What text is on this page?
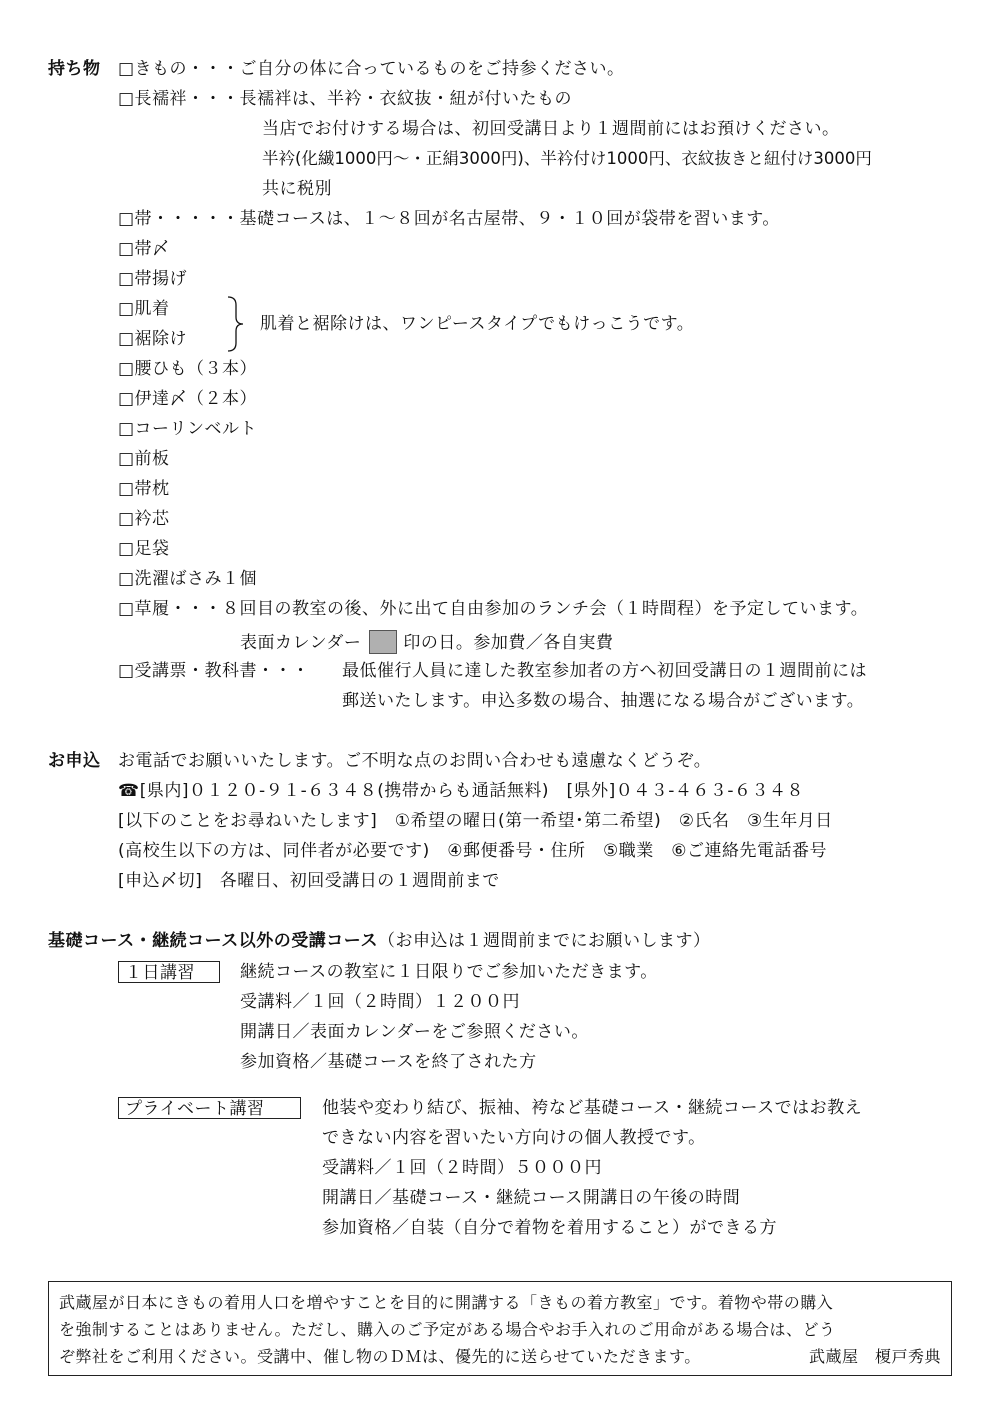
持ち物 □きもの・・・ご自分の体に合っているものをご持参ください。
□長襦袢・・・長襦袢は、半衿・衣紋抜・紐が付いたもの
当店でお付けする場合は、初回受講日より１週間前にはお預けください。
半衿(化繊1000円～・正絹3000円)、半衿付け1000円、衣紋抜きと紐付け3000円
共に税別
□帯・・・・・基礎コースは、１～８回が名古屋帯、９・１０回が袋帯を習います。
□帯〆
□帯揚げ
□肌着
□裾除け
肌着と裾除けは、ワンピースタイプでもけっこうです。
□腰ひも（３本）
□伊達〆（２本）
□コーリンベルト
□前板
□帯枕
□衿芯
□足袋
□洗濯ばさみ１個
□草履・・・８回目の教室の後、外に出て自由参加のランチ会（１時間程）を予定しています。
表面カレンダー 印の日。参加費／各自実費
□受講票・教科書・・・ 最低催行人員に達した教室参加者の方へ初回受講日の１週間前には
郵送いたします。申込多数の場合、抽選になる場合がございます。
お申込 お電話でお願いいたします。ご不明な点のお問い合わせも遠慮なくどうぞ。
☎[県内]０１２０-９１-６３４８(携帯からも通話無料)　[県外]０４３-４６３-６３４８
[以下のことをお尋ねいたします]　①希望の曜日(第一希望･第二希望)　②氏名　③生年月日
(高校生以下の方は、同伴者が必要です)　④郵便番号・住所　⑤職業　⑥ご連絡先電話番号
[申込〆切]　各曜日、初回受講日の１週間前まで
基礎コース・継続コース以外の受講コース（お申込は１週間前までにお願いします）
１日講習	継続コースの教室に１日限りでご参加いただきます。
受講料／１回（２時間）１２００円
開講日／表面カレンダーをご参照ください。
参加資格／基礎コースを終了された方
プライベート講習	他装や変わり結び、振袖、袴など基礎コース・継続コースではお教え
できない内容を習いたい方向けの個人教授です。
受講料／１回（２時間）５０００円
開講日／基礎コース・継続コース開講日の午後の時間
参加資格／自装（自分で着物を着用すること）ができる方
武蔵屋が日本にきもの着用人口を増やすことを目的に開講する「きもの着方教室」です。着物や帯の購入
を強制することはありません。ただし、購入のご予定がある場合やお手入れのご用命がある場合は、どう
ぞ弊社をご利用ください。受講中、催し物のＤＭは、優先的に送らせていただきます。	武蔵屋　榎戸秀典
